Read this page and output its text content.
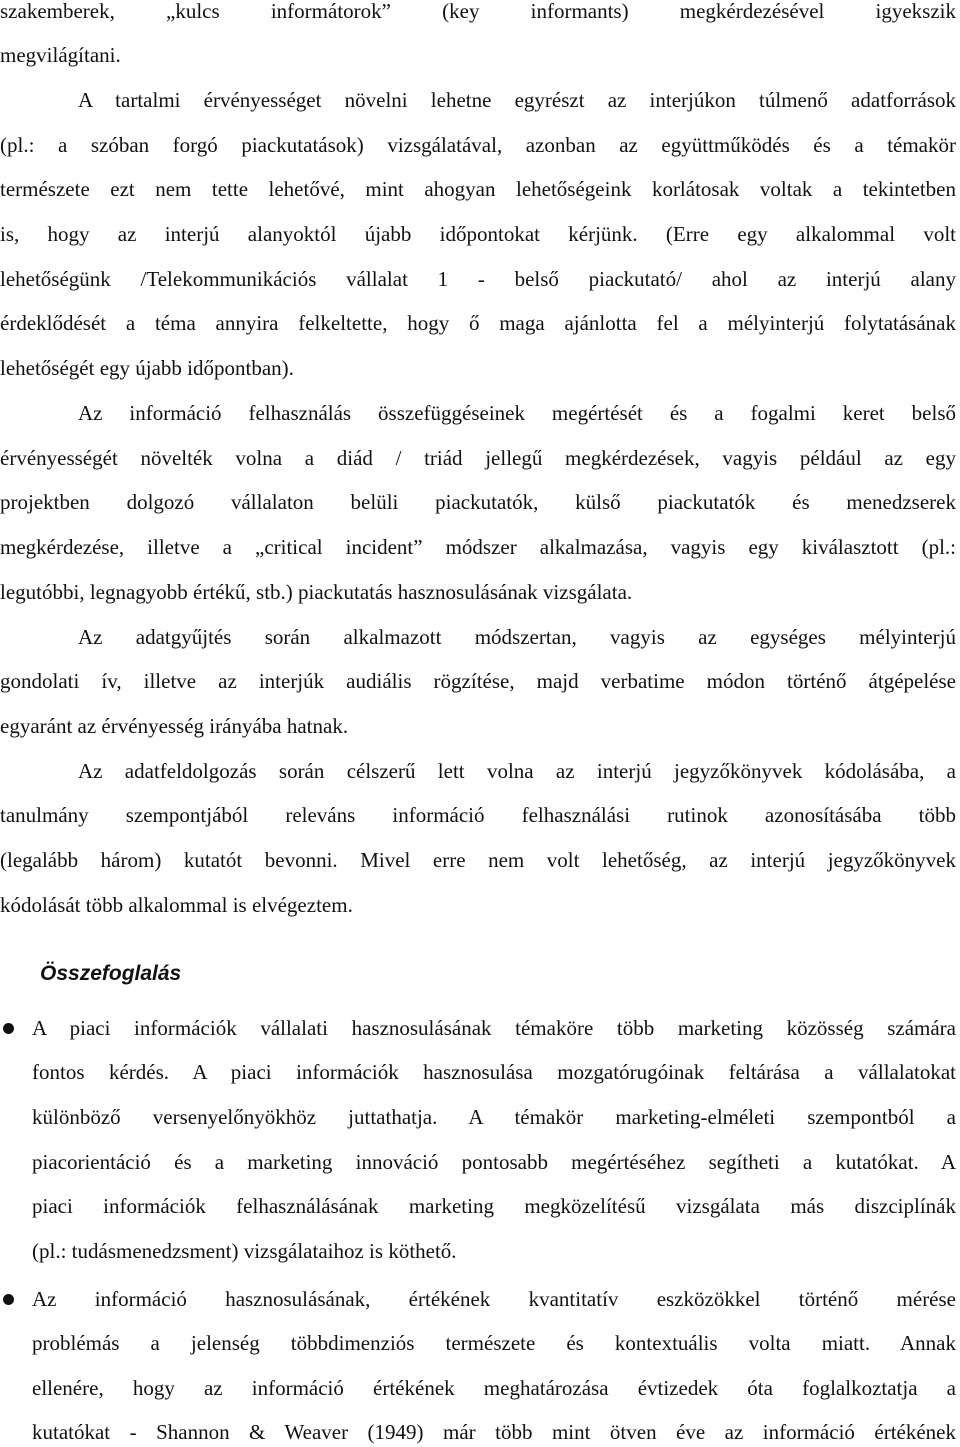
szakemberek, „kulcs informátorok” (key informants) megkérdezésével igyekszik
megvilágítani.
A tartalmi érvényességet növelni lehetne egyrészt az interjúkon túlmenő adatforrások
(pl.: a szóban forgó piackutatások) vizsgálatával, azonban az együttműködés és a témakör
természete ezt nem tette lehetővé, mint ahogyan lehetőségeink korlátosak voltak a tekintetben
is, hogy az interjú alanyoktól újabb időpontokat kérjünk. (Erre egy alkalommal volt
lehetőségünk /Telekommunikációs vállalat 1 - belső piackutató/ ahol az interjú alany
érdeklődését a téma annyira felkeltette, hogy ő maga ajánlotta fel a mélyinterjú folytatásának
lehetőségét egy újabb időpontban).
Az információ felhasználás összefüggéseinek megértését és a fogalmi keret belső
érvényességét növelték volna a diád / triád jellegű megkérdezések, vagyis például az egy
projektben dolgozó vállalaton belüli piackutatók, külső piackutatók és menedzserek
megkérdezése, illetve a „critical incident” módszer alkalmazása, vagyis egy kiválasztott (pl.:
legutóbbi, legnagyobb értékű, stb.) piackutatás hasznosulásának vizsgálata.
Az adatgyűjtés során alkalmazott módszertan, vagyis az egységes mélyinterjú
gondolati ív, illetve az interjúk audiális rögzítése, majd verbatime módon történő átgépelése
egyaránt az érvényesség irányába hatnak.
Az adatfeldolgozás során célszerű lett volna az interjú jegyzőkönyvek kódolásába, a
tanulmány szempontjából releváns információ felhasználási rutinok azonosításába több
(legalább három) kutatót bevonni. Mivel erre nem volt lehetőség, az interjú jegyzőkönyvek
kódolását több alkalommal is elvégeztem.
Összefoglalás
A piaci információk vállalati hasznosulásának témaköre több marketing közösség számára
fontos kérdés. A piaci információk hasznosulása mozgatórugóinak feltárása a vállalatokat
különböző versenyelőnyökhöz juttathatja. A témakör marketing-elméleti szempontból a
piacorientáció és a marketing innováció pontosabb megértéséhez segítheti a kutatókat. A
piaci információk felhasználásának marketing megközelítésű vizsgálata más diszciplínák
(pl.: tudásmenedzsment) vizsgálataihoz is köthető.
Az információ hasznosulásának, értékének kvantitatív eszközökkel történő mérése
problémás a jelenség többdimenziós természete és kontextuális volta miatt. Annak
ellenére, hogy az információ értékének meghatározása évtizedek óta foglalkoztatja a
kutatókat - Shannon & Weaver (1949) már több mint ötven éve az információ értékének
